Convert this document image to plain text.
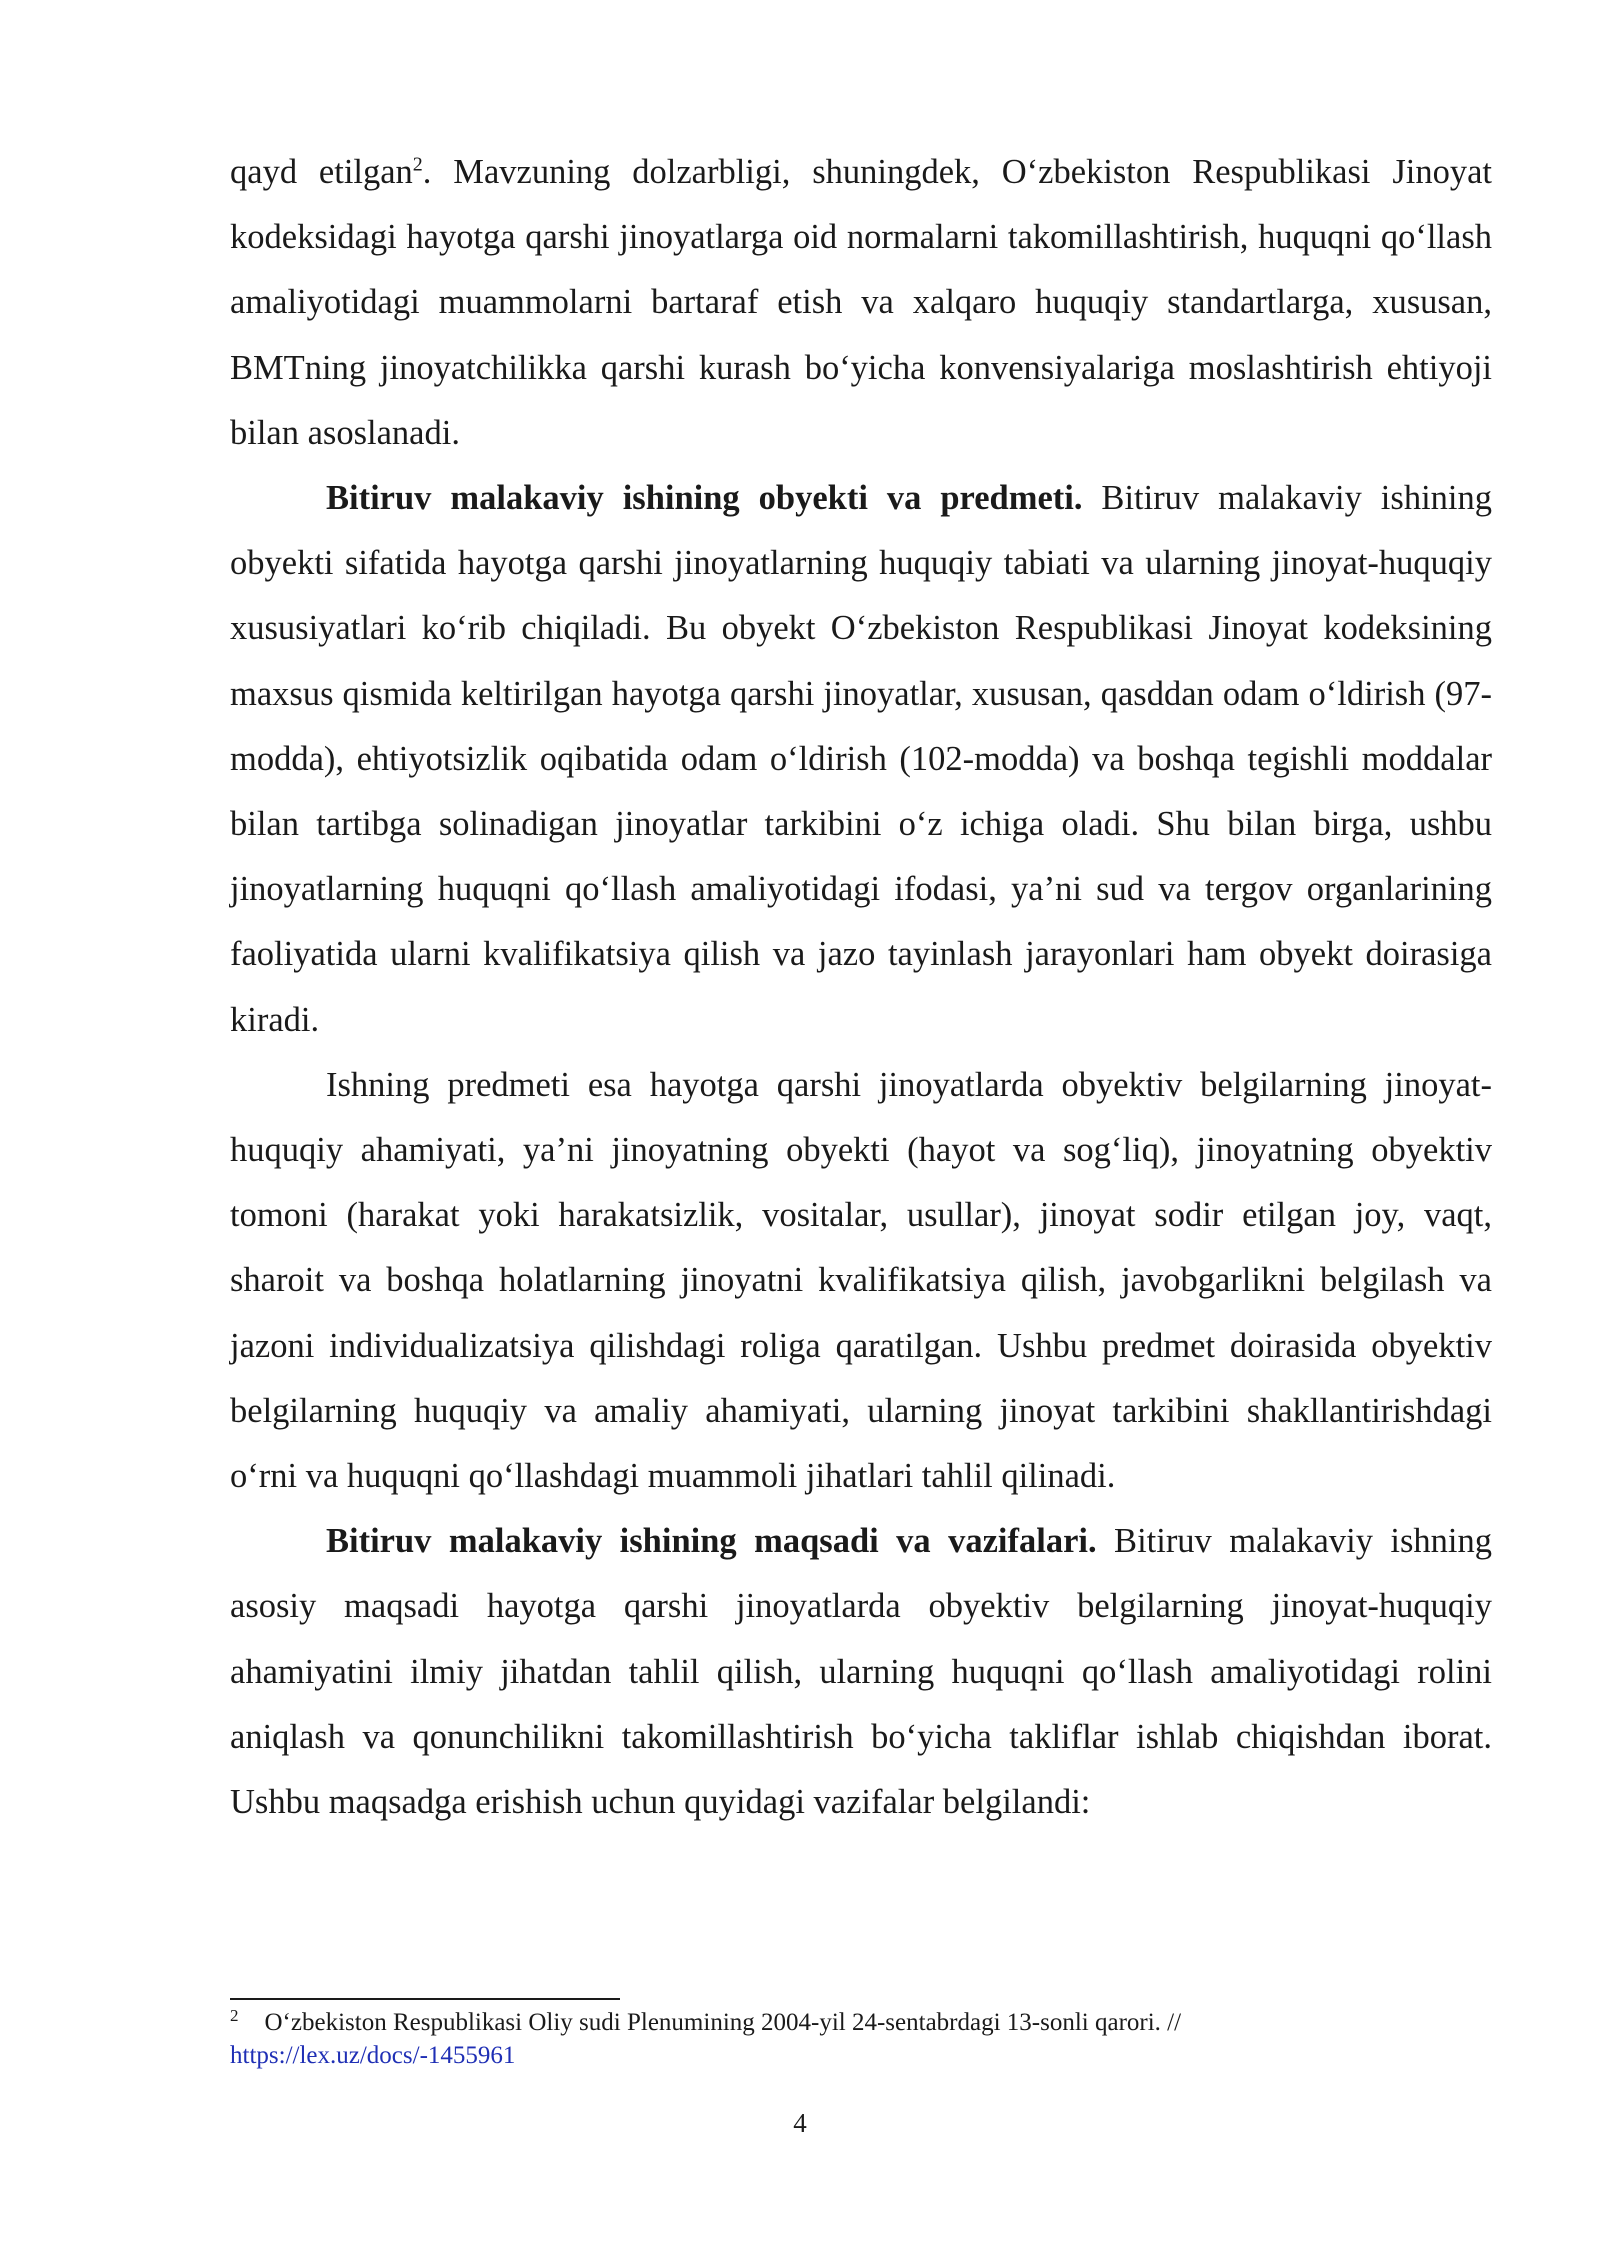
qayd etilgan$^2$. Mavzuning dolzarbligi, shuningdek, O‘zbekiston Respublikasi Jinoyat kodeksidagi hayotga qarshi jinoyatlarga oid normalarni takomillashtirish, huquqni qo‘llash amaliyotidagi muammolarni bartaraf etish va xalqaro huquqiy standartlarga, xususan, BMTning jinoyatchilikka qarshi kurash bo‘yicha konvensiyalariga moslashtirish ehtiyoji bilan asoslanadi.

Bitiruv malakaviy ishining obyekti va predmeti. Bitiruv malakaviy ishining obyekti sifatida hayotga qarshi jinoyatlarning huquqiy tabiati va ularning jinoyat-huquqiy xususiyatlari ko‘rib chiqiladi. Bu obyekt O‘zbekiston Respublikasi Jinoyat kodeksining maxsus qismida keltirilgan hayotga qarshi jinoyatlar, xususan, qasddan odam o‘ldirish (97-modda), ehtiyotsizlik oqibatida odam o‘ldirish (102-modda) va boshqa tegishli moddalar bilan tartibga solinadigan jinoyatlar tarkibini o‘z ichiga oladi. Shu bilan birga, ushbu jinoyatlarning huquqni qo‘llash amaliyotidagi ifodasi, ya’ni sud va tergov organlarining faoliyatida ularni kvalifikatsiya qilish va jazo tayinlash jarayonlari ham obyekt doirasiga kiradi.

Ishning predmeti esa hayotga qarshi jinoyatlarda obyektiv belgilarning jinoyat-huquqiy ahamiyati, ya’ni jinoyatning obyekti (hayot va sog‘liq), jinoyatning obyektiv tomoni (harakat yoki harakatsizlik, vositalar, usullar), jinoyat sodir etilgan joy, vaqt, sharoit va boshqa holatlarning jinoyatni kvalifikatsiya qilish, javobgarlikni belgilash va jazoni individualizatsiya qilishdagi roliga qaratilgan. Ushbu predmet doirasida obyektiv belgilarning huquqiy va amaliy ahamiyati, ularning jinoyat tarkibini shakllantirishdagi o‘rni va huquqni qo‘llashdagi muammoli jihatlari tahlil qilinadi.

Bitiruv malakaviy ishining maqsadi va vazifalari. Bitiruv malakaviy ishning asosiy maqsadi hayotga qarshi jinoyatlarda obyektiv belgilarning jinoyat-huquqiy ahamiyatini ilmiy jihatdan tahlil qilish, ularning huquqni qo‘llash amaliyotidagi rolini aniqlash va qonunchilikni takomillashtirish bo‘yicha takliflar ishlab chiqishdan iborat. Ushbu maqsadga erishish uchun quyidagi vazifalar belgilandi:

$^2$ O‘zbekiston Respublikasi Oliy sudi Plenumining 2004-yil 24-sentabrdagi 13-sonli qarori. //
https://lex.uz/docs/-1455961
4
